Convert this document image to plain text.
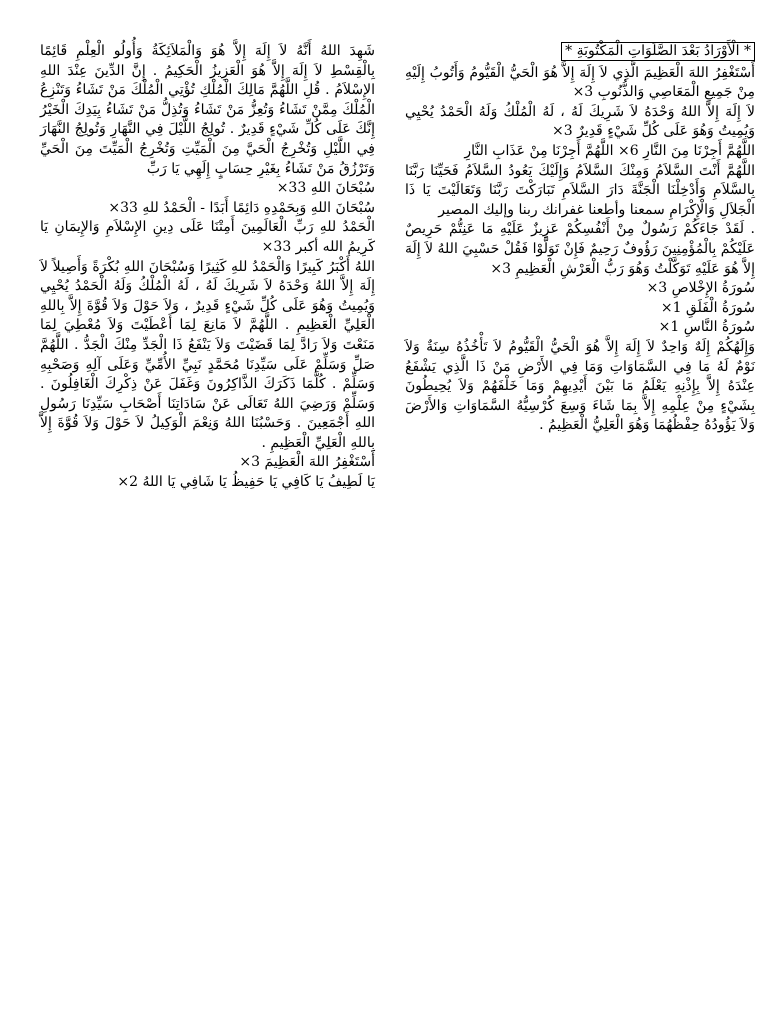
* الْأَوْرَادُ بَعْدَ الصَّلَوَاتِ الْمَكْتُوبَةِ *
أَسْتَغْفِرُ اللهَ الْعَظِيمَ الَّذِي لاَ إِلَهَ إِلاَّ هُوَ الْحَيُّ الْقَيُّومُ وَأَتُوبُ إِلَيْهِ مِنْ جَمِيعِ الْمَعَاصِي وَالذُّنُوبِ 3×
لاَ إِلَهَ إِلاَّ اللهُ وَحْدَهُ لاَ شَرِيكَ لَهُ ، لَهُ الْمُلْكُ وَلَهُ الْحَمْدُ يُحْيِي وَيُمِيتُ وَهُوَ عَلَى كُلِّ شَيْءٍ قَدِيرٌ 3×
اللَّهُمَّ أَجِرْنَا مِنَ النَّارِ 6× اللَّهُمَّ أَجِرْنَا مِنْ عَذَابِ النَّارِ
اللَّهُمَّ أَنْتَ السَّلاَمُ وَمِنْكَ السَّلاَمُ وَإِلَيْكَ يَعُودُ السَّلاَمُ فَحَيِّنَا رَبَّنَا بِالسَّلاَمِ وَأَدْخِلْنَا الْجَنَّةَ دَارَ السَّلاَمِ تَبَارَكْتَ رَبَّنَا وَتَعَالَيْتَ يَا ذَا الْجَلاَلِ وَالْإِكْرَامِ سمعنا وأطعنا غفرانك ربنا وإليك المصير
. لَقَدْ جَاءَكُمْ رَسُولٌ مِنْ أَنْفُسِكُمْ عَزِيزٌ عَلَيْهِ مَا عَنِتُّمْ حَرِيصٌ عَلَيْكُمْ بِالْمُؤْمِنِينَ رَؤُوفٌ رَحِيمٌ فَإِنْ تَوَلَّوْا فَقُلْ حَسْبِيَ اللهُ لاَ إِلَهَ إِلاَّ هُوَ عَلَيْهِ تَوَكَّلْتُ وَهُوَ رَبُّ الْعَرْشِ الْعَظِيمِ 3×
سُورَةُ الإِخْلاصِ 3×
سُورَةُ الْفَلَقِ 1×
سُورَةُ النَّاسِ 1×
وَإِلَهُكُمْ إِلَهٌ وَاحِدٌ لاَ إِلَهَ إِلاَّ هُوَ الْحَيُّ الْقَيُّومُ لاَ تَأْخُذُهُ سِنَةٌ وَلاَ نَوْمٌ لَهُ مَا فِي السَّمَاوَاتِ وَمَا فِي الأَرْضِ مَنْ ذَا الَّذِي يَشْفَعُ عِنْدَهُ إِلاَّ بِإِذْنِهِ يَعْلَمُ مَا بَيْنَ أَيْدِيهِمْ وَمَا خَلْفَهُمْ وَلاَ يُحِيطُونَ بِشَيْءٍ مِنْ عِلْمِهِ إِلاَّ بِمَا شَاءَ وَسِعَ كُرْسِيُّهُ السَّمَاوَاتِ وَالأَرْضَ وَلاَ يَؤُودُهُ حِفْظُهُمَا وَهُوَ الْعَلِيُّ الْعَظِيمُ .
شَهِدَ اللهُ أَنَّهُ لاَ إِلَهَ إِلاَّ هُوَ وَالْمَلاَئِكَةُ وَأُولُو الْعِلْمِ قَائِمًا بِالْقِسْطِ لاَ إِلَهَ إِلاَّ هُوَ الْعَزِيزُ الْحَكِيمُ . إِنَّ الدِّينَ عِنْدَ اللهِ الإِسْلاَمُ . قُلِ اللَّهُمَّ مَالِكَ الْمُلْكِ تُؤْتِي الْمُلْكَ مَنْ تَشَاءُ وَتَنْزِعُ الْمُلْكَ مِمَّنْ تَشَاءُ وَتُعِزُّ مَنْ تَشَاءُ وَتُذِلُّ مَنْ تَشَاءُ بِيَدِكَ الْخَيْرُ إِنَّكَ عَلَى كُلِّ شَيْءٍ قَدِيرٌ . تُولِجُ اللَّيْلَ فِي النَّهَارِ وَتُولِجُ النَّهَارَ فِي اللَّيْلِ وَتُخْرِجُ الْحَيَّ مِنَ الْمَيِّتِ وَتُخْرِجُ الْمَيِّتَ مِنَ الْحَيِّ وَتَرْزُقُ مَنْ تَشَاءُ بِغَيْرِ حِسَابٍ إِلَهِي يَا رَبِّ
سُبْحَانَ اللهِ 33×
سُبْحَانَ اللهِ وَبِحَمْدِهِ دَائِمًا أَبَدًا - الْحَمْدُ للهِ 33×
الْحَمْدُ للهِ رَبِّ الْعَالَمِينَ أَمِتْنَا عَلَى دِينِ الإِسْلاَمِ وَالإِيمَانِ يَا كَرِيمُ الله أكبر 33×
اللهُ أَكْبَرُ كَبِيرًا وَالْحَمْدُ للهِ كَثِيرًا وَسُبْحَانَ اللهِ بُكْرَةً وَأَصِيلاً لاَ إِلَهَ إِلاَّ اللهُ وَحْدَهُ لاَ شَرِيكَ لَهُ ، لَهُ الْمُلْكُ وَلَهُ الْحَمْدُ يُحْيِي وَيُمِيتُ وَهُوَ عَلَى كُلِّ شَيْءٍ قَدِيرٌ ، وَلاَ حَوْلَ وَلاَ قُوَّةَ إِلاَّ بِاللهِ الْعَلِيِّ الْعَظِيمِ . اللَّهُمَّ لاَ مَانِعَ لِمَا أَعْطَيْتَ وَلاَ مُعْطِيَ لِمَا مَنَعْتَ وَلاَ رَادَّ لِمَا قَضَيْتَ وَلاَ يَنْفَعُ ذَا الْجَدِّ مِنْكَ الْجَدُّ . اللَّهُمَّ صَلِّ وَسَلِّمْ عَلَى سَيِّدِنَا مُحَمَّدٍ نَبِيِّ الأُمِّيِّ وَعَلَى آلِهِ وَصَحْبِهِ وَسَلِّمْ . كُلَّمَا ذَكَرَكَ الذَّاكِرُونَ وَغَفَلَ عَنْ ذِكْرِكَ الْغَافِلُونَ . وَسَلِّمْ وَرَضِيَ اللهُ تَعَالَى عَنْ سَادَاتِنَا أَصْحَابِ سَيِّدِنَا رَسُولِ اللهِ أَجْمَعِينَ . وَحَسْبُنَا اللهُ وَنِعْمَ الْوَكِيلُ لاَ حَوْلَ وَلاَ قُوَّةَ إِلاَّ بِاللهِ الْعَلِيِّ الْعَظِيمِ .
أَسْتَغْفِرُ اللهَ الْعَظِيمَ 3×
يَا لَطِيفُ يَا كَافِي يَا حَفِيظُ يَا شَافِي يَا اللهُ 2×
